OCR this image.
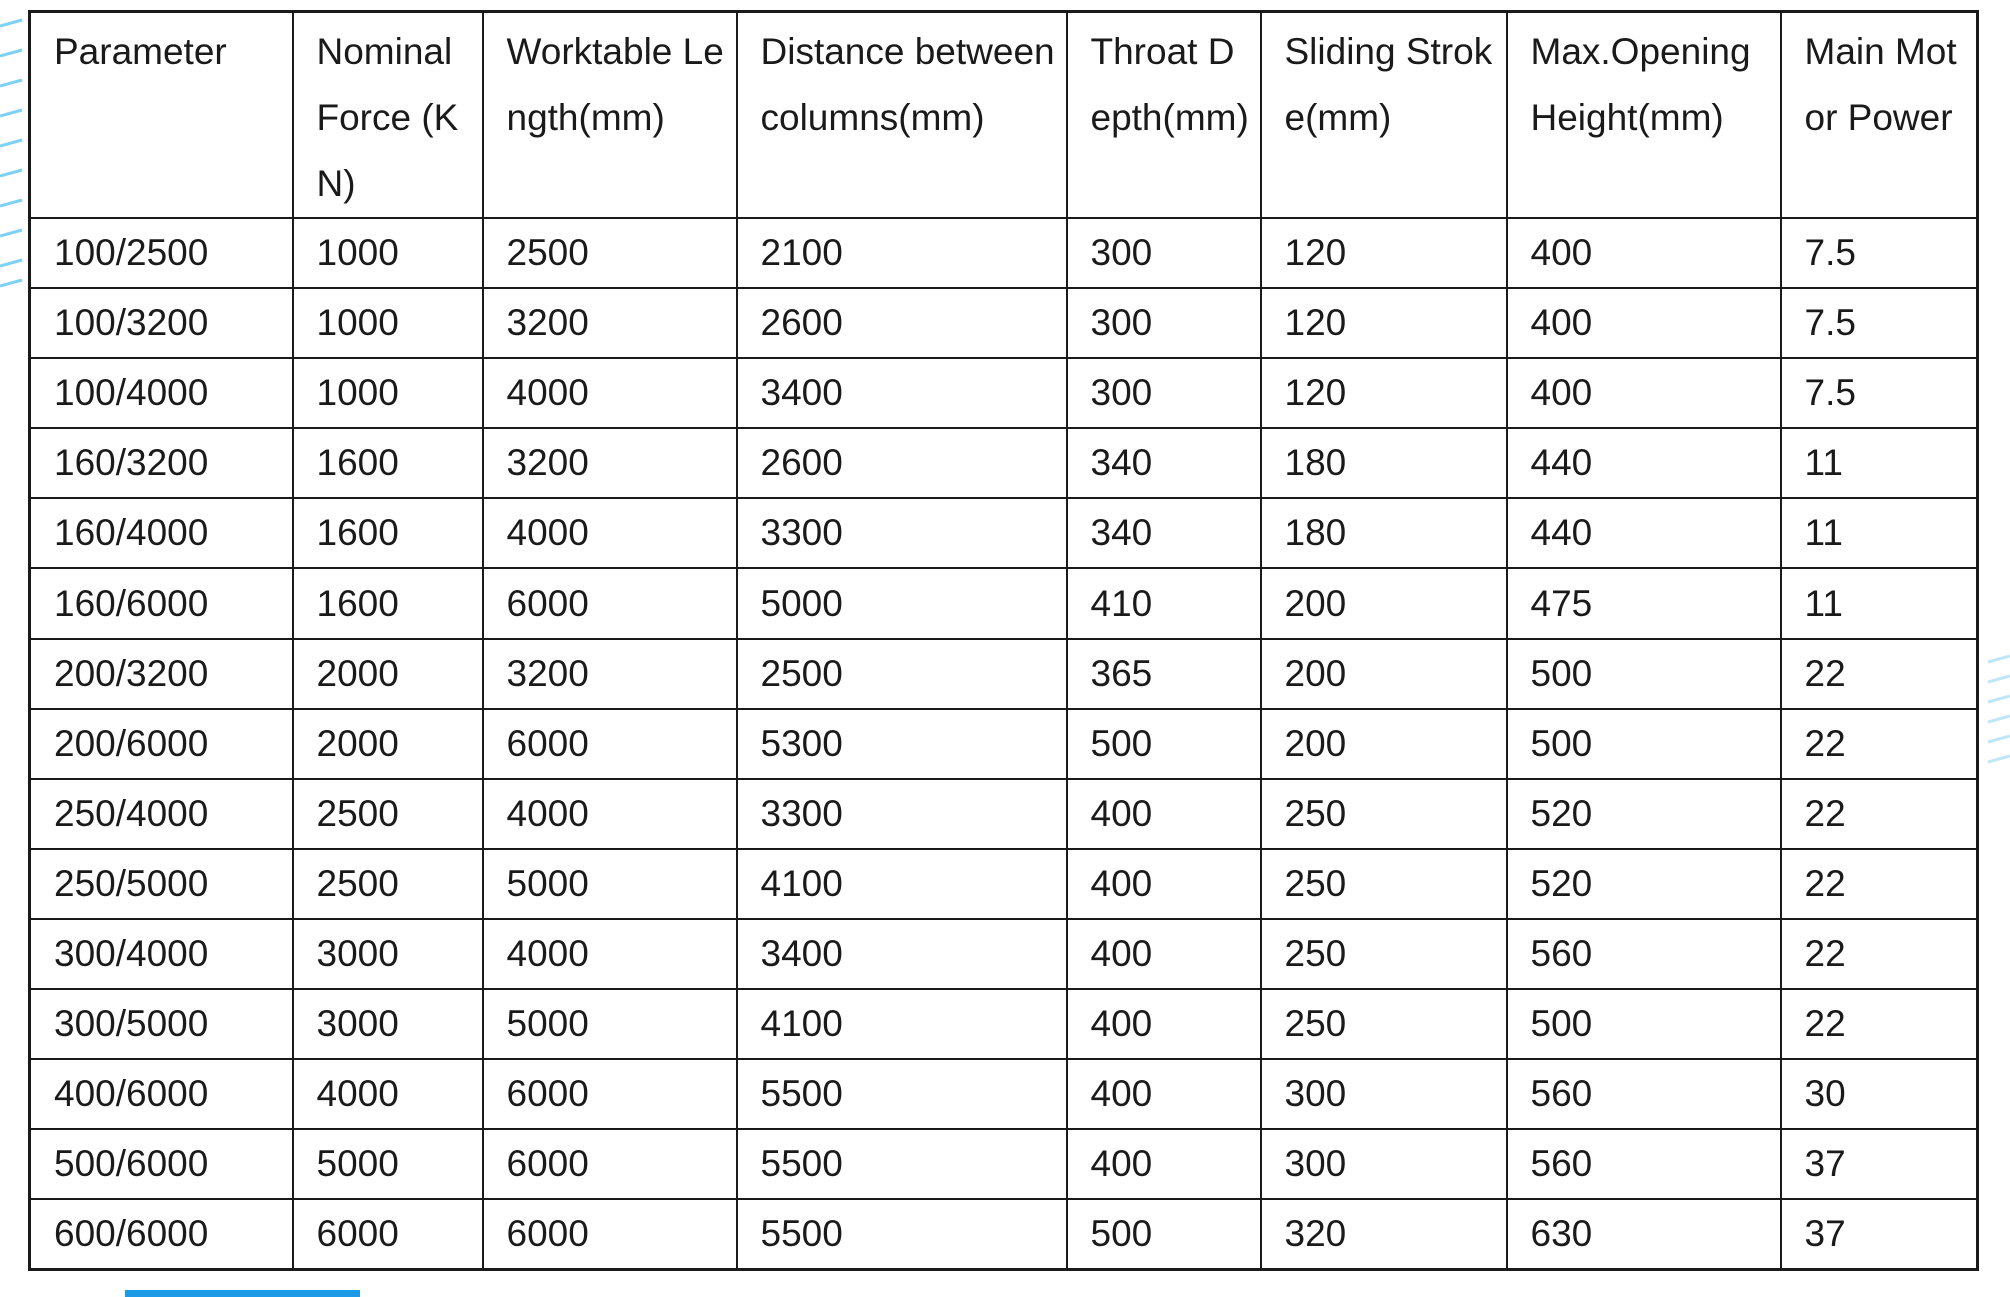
Parameter	Nominal Force (KN)	Worktable Length(mm)	Distance between columns(mm)	Throat Depth(mm)	Sliding Stroke(mm)	Max.Opening Height(mm)	Main Motor Power
100/2500	1000	2500	2100	300	120	400	7.5
100/3200	1000	3200	2600	300	120	400	7.5
100/4000	1000	4000	3400	300	120	400	7.5
160/3200	1600	3200	2600	340	180	440	11
160/4000	1600	4000	3300	340	180	440	11
160/6000	1600	6000	5000	410	200	475	11
200/3200	2000	3200	2500	365	200	500	22
200/6000	2000	6000	5300	500	200	500	22
250/4000	2500	4000	3300	400	250	520	22
250/5000	2500	5000	4100	400	250	520	22
300/4000	3000	4000	3400	400	250	560	22
300/5000	3000	5000	4100	400	250	500	22
400/6000	4000	6000	5500	400	300	560	30
500/6000	5000	6000	5500	400	300	560	37
600/6000	6000	6000	5500	500	320	630	37
